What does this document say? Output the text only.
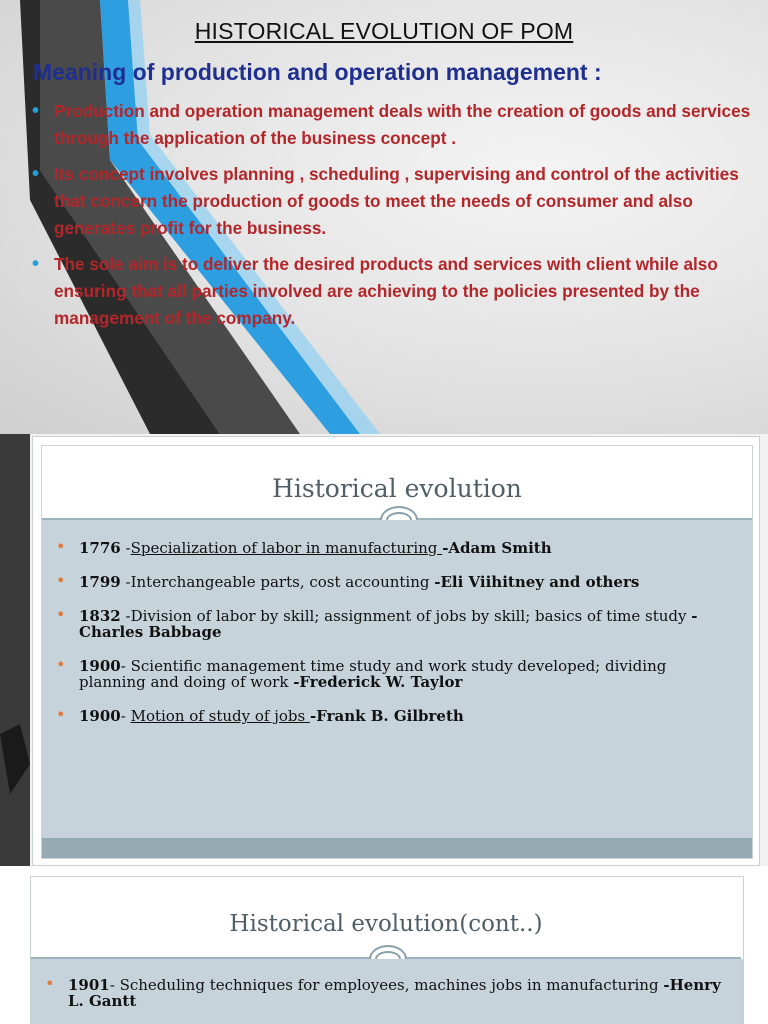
HISTORICAL EVOLUTION OF POM
Meaning of production and operation management :
• Production and operation management deals with the creation of goods and services through the application of the business concept .
• Its concept involves planning , scheduling , supervising and control of the activities that concern the production of goods to meet the needs of consumer and also generates profit for the business.
• The sole aim is to deliver the desired products and services with client while also ensuring that all parties involved are achieving to the policies presented by the management of the company.
Historical evolution
• 1776 -Specialization of labor in manufacturing -Adam Smith
• 1799 -Interchangeable parts, cost accounting -Eli Viihitney and others
• 1832 -Division of labor by skill; assignment of jobs by skill; basics of time study -Charles Babbage
• 1900- Scientific management time study and work study developed; dividing planning and doing of work -Frederick W. Taylor
• 1900- Motion of study of jobs -Frank B. Gilbreth
Historical evolution(cont..)
• 1901- Scheduling techniques for employees, machines jobs in manufacturing -Henry L. Gantt
